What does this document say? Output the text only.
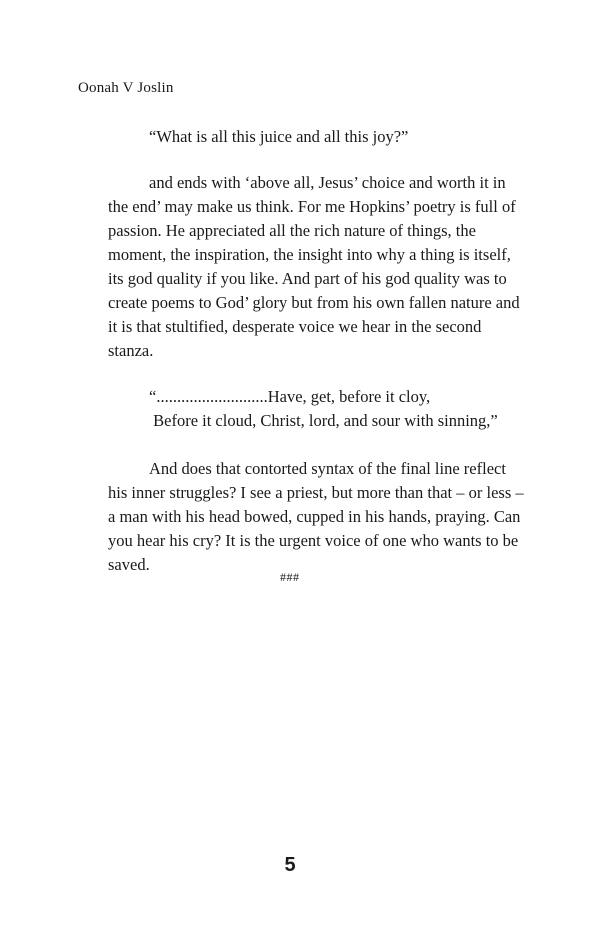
Oonah V Joslin
“What is all this juice and all this joy?”
and ends with ‘above all, Jesus’ choice and worth it in
the end’ may make us think. For me Hopkins’ poetry is full of
passion. He appreciated all the rich nature of things, the
moment, the inspiration, the insight into why a thing is itself,
its god quality if you like. And part of his god quality was to
create poems to God’ glory but from his own fallen nature and
it is that stultified, desperate voice we hear in the second
stanza.
“...........................Have, get, before it cloy,
Before it cloud, Christ, lord, and sour with sinning,”
And does that contorted syntax of the final line reflect
his inner struggles? I see a priest, but more than that – or less –
a man with his head bowed, cupped in his hands, praying. Can
you hear his cry? It is the urgent voice of one who wants to be
saved.
###
5
